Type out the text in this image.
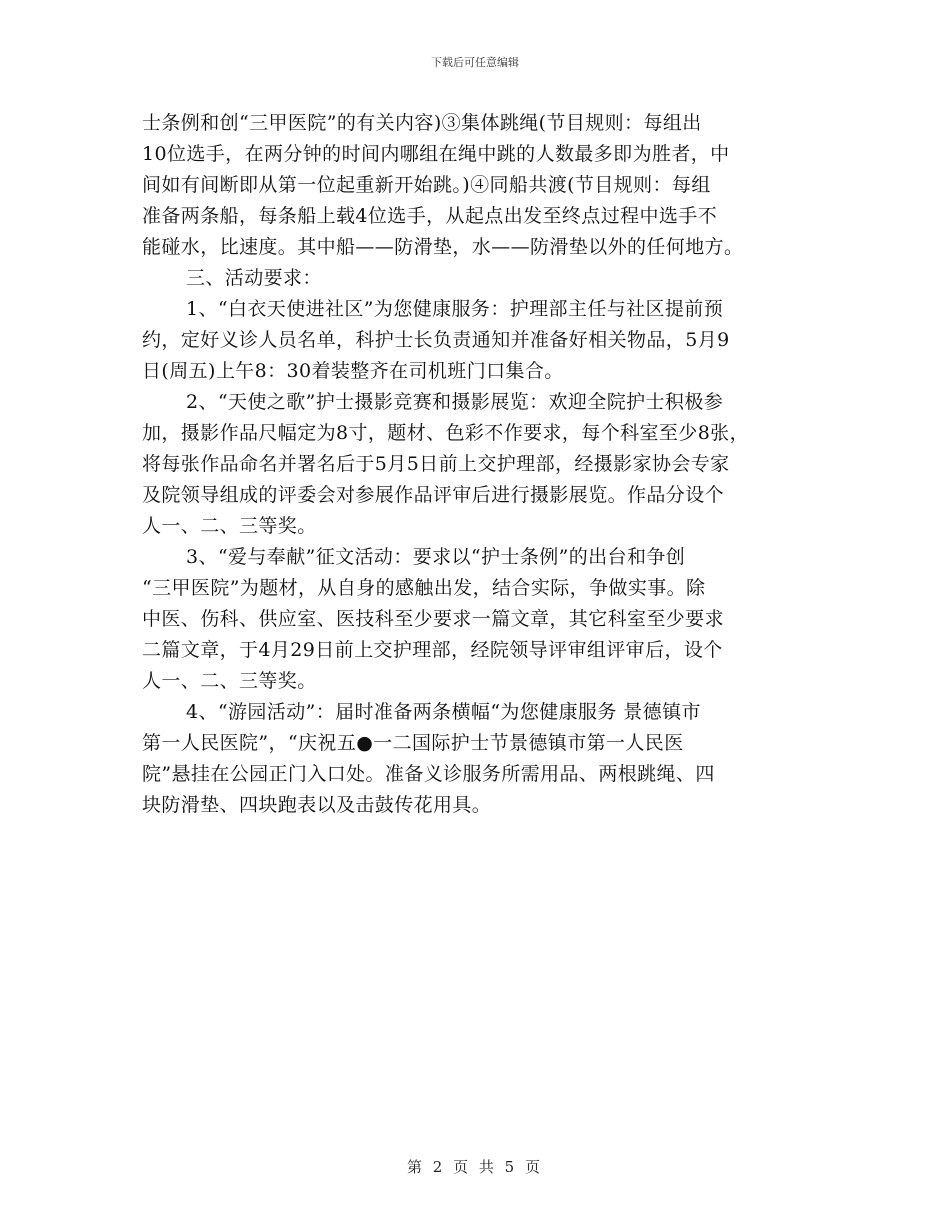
下载后可任意编辑
士条例和创“三甲医院”的有关内容)③集体跳绳(节目规则：每组出
10位选手，在两分钟的时间内哪组在绳中跳的人数最多即为胜者，中
间如有间断即从第一位起重新开始跳。)④同船共渡(节目规则：每组
准备两条船，每条船上载4位选手，从起点出发至终点过程中选手不
能碰水，比速度。其中船——防滑垫，水——防滑垫以外的任何地方。
三、活动要求：
1、“白衣天使进社区”为您健康服务：护理部主任与社区提前预
约，定好义诊人员名单，科护士长负责通知并准备好相关物品，5月9
日(周五)上午8：30着装整齐在司机班门口集合。
2、“天使之歌”护士摄影竞赛和摄影展览：欢迎全院护士积极参
加，摄影作品尺幅定为8寸，题材、色彩不作要求，每个科室至少8张，
将每张作品命名并署名后于5月5日前上交护理部，经摄影家协会专家
及院领导组成的评委会对参展作品评审后进行摄影展览。作品分设个
人一、二、三等奖。
3、“爱与奉献”征文活动：要求以“护士条例”的出台和争创
“三甲医院”为题材，从自身的感触出发，结合实际，争做实事。除
中医、伤科、供应室、医技科至少要求一篇文章，其它科室至少要求
二篇文章，于4月29日前上交护理部，经院领导评审组评审后，设个
人一、二、三等奖。
4、“游园活动”：届时准备两条横幅“为您健康服务 景德镇市
第一人民医院”，“庆祝五●一二国际护士节景德镇市第一人民医
院”悬挂在公园正门入口处。准备义诊服务所需用品、两根跳绳、四
块防滑垫、四块跑表以及击鼓传花用具。
第 2 页 共 5 页
